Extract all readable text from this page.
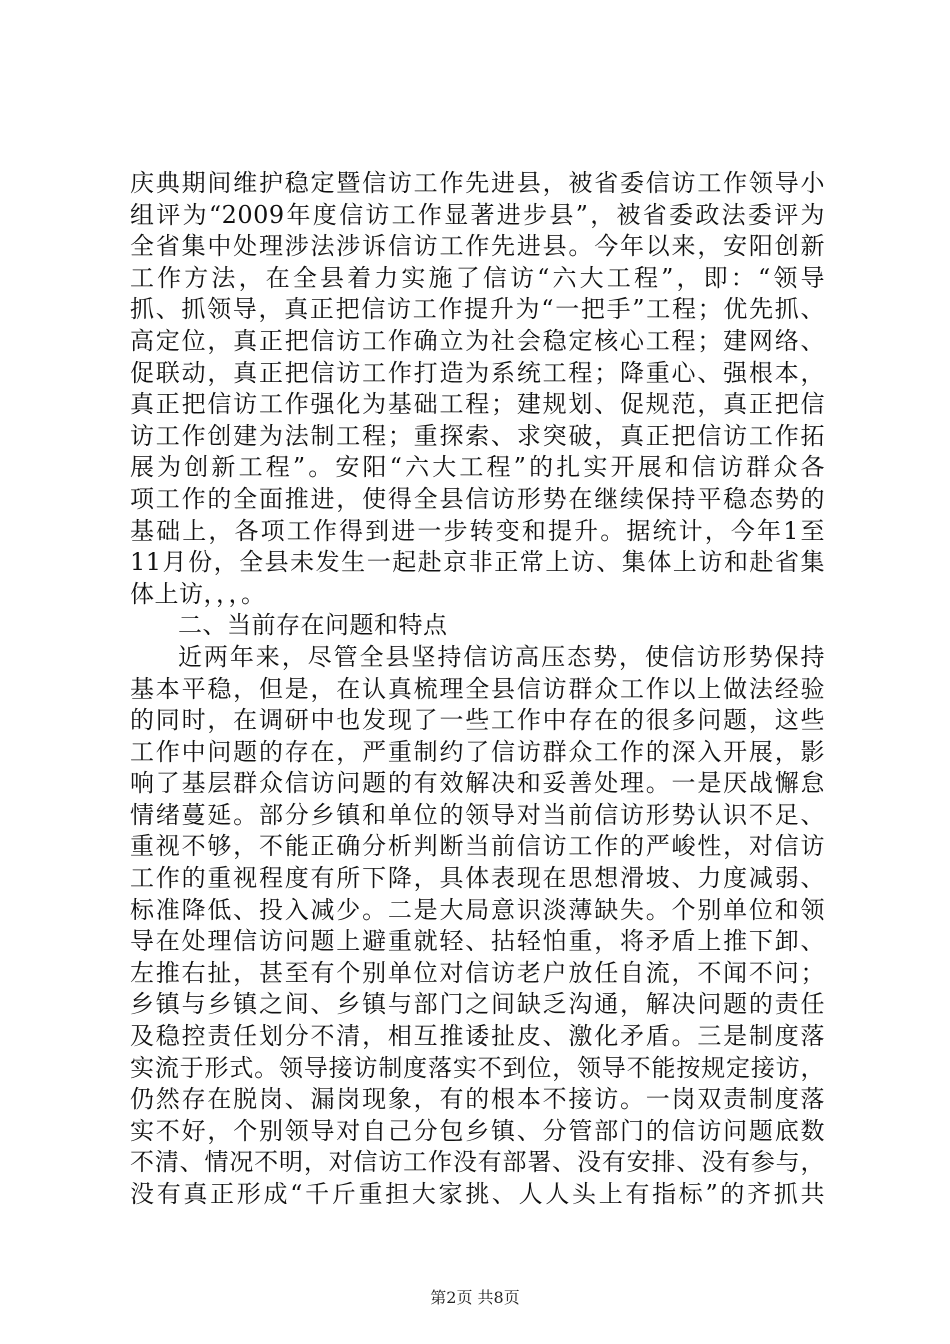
庆典期间维护稳定暨信访工作先进县，被省委信访工作领导小
组评为“2009年度信访工作显著进步县”，被省委政法委评为
全省集中处理涉法涉诉信访工作先进县。今年以来，安阳创新
工作方法，在全县着力实施了信访“六大工程”，即：“领导
抓、抓领导，真正把信访工作提升为“一把手”工程；优先抓、
高定位，真正把信访工作确立为社会稳定核心工程；建网络、
促联动，真正把信访工作打造为系统工程；降重心、强根本，
真正把信访工作强化为基础工程；建规划、促规范，真正把信
访工作创建为法制工程；重探索、求突破，真正把信访工作拓
展为创新工程”。安阳“六大工程”的扎实开展和信访群众各
项工作的全面推进，使得全县信访形势在继续保持平稳态势的
基础上，各项工作得到进一步转变和提升。据统计，今年1至
11月份，全县未发生一起赴京非正常上访、集体上访和赴省集
体上访，，，。
二、当前存在问题和特点
近两年来，尽管全县坚持信访高压态势，使信访形势保持
基本平稳，但是，在认真梳理全县信访群众工作以上做法经验
的同时，在调研中也发现了一些工作中存在的很多问题，这些
工作中问题的存在，严重制约了信访群众工作的深入开展，影
响了基层群众信访问题的有效解决和妥善处理。一是厌战懈怠
情绪蔓延。部分乡镇和单位的领导对当前信访形势认识不足、
重视不够，不能正确分析判断当前信访工作的严峻性，对信访
工作的重视程度有所下降，具体表现在思想滑坡、力度减弱、
标准降低、投入减少。二是大局意识淡薄缺失。个别单位和领
导在处理信访问题上避重就轻、拈轻怕重，将矛盾上推下卸、
左推右扯，甚至有个别单位对信访老户放任自流，不闻不问；
乡镇与乡镇之间、乡镇与部门之间缺乏沟通，解决问题的责任
及稳控责任划分不清，相互推诿扯皮、激化矛盾。三是制度落
实流于形式。领导接访制度落实不到位，领导不能按规定接访，
仍然存在脱岗、漏岗现象，有的根本不接访。一岗双责制度落
实不好，个别领导对自己分包乡镇、分管部门的信访问题底数
不清、情况不明，对信访工作没有部署、没有安排、没有参与，
没有真正形成“千斤重担大家挑、人人头上有指标”的齐抓共
第2页 共8页
